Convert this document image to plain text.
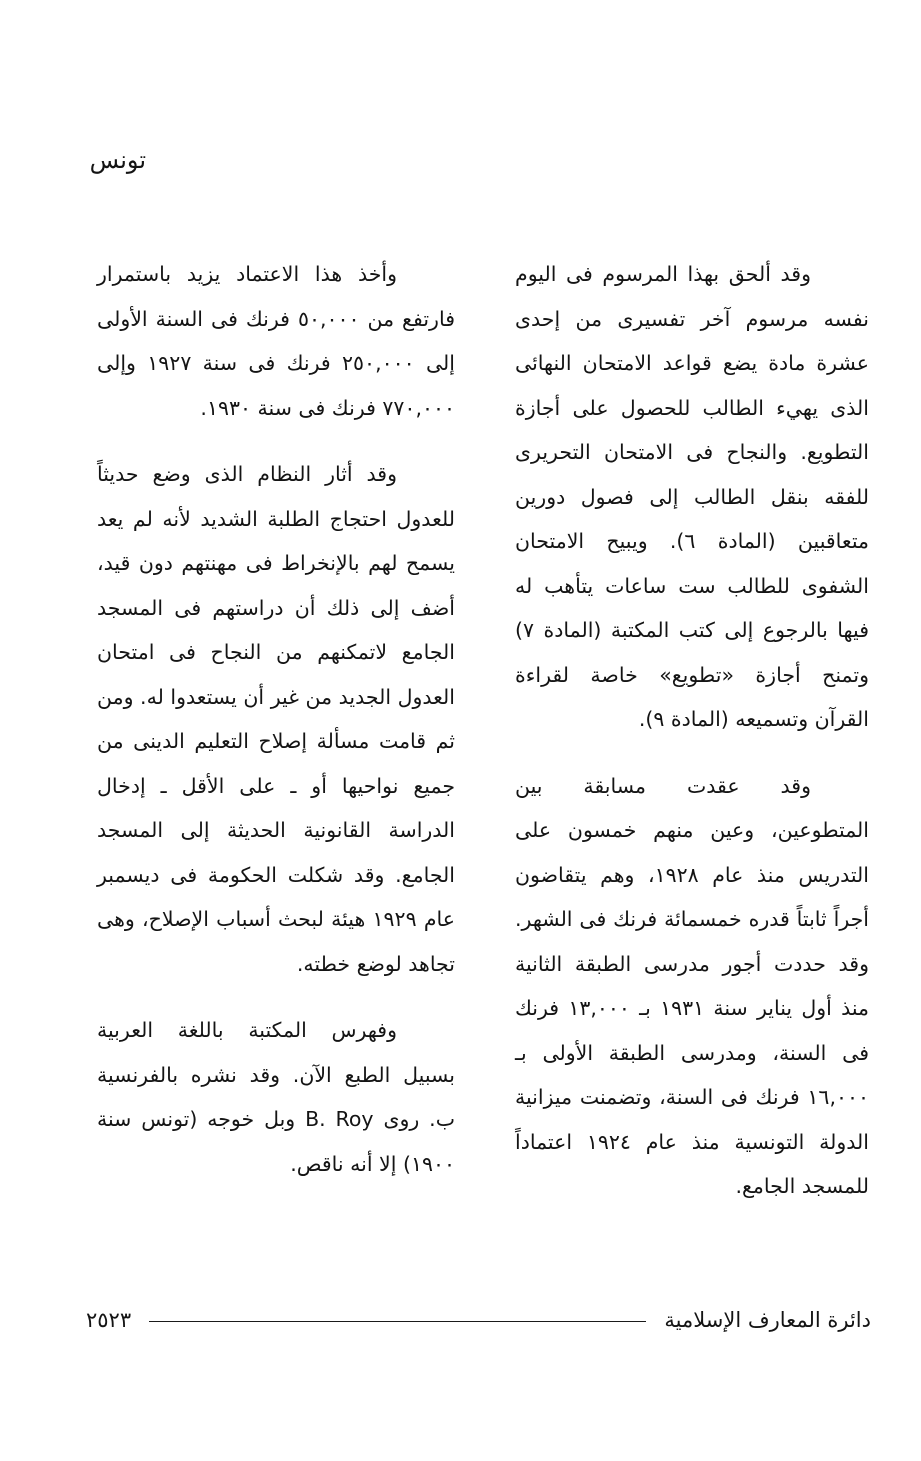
تونس

وقد ألحق بهذا المرسوم فى اليوم نفسه مرسوم آخر تفسيرى من إحدى عشرة مادة يضع قواعد الامتحان النهائى الذى يهيء الطالب للحصول على أجازة التطويع. والنجاح فى الامتحان التحريرى للفقه بنقل الطالب إلى فصول دورين متعاقبين (المادة ٦). ويبيح الامتحان الشفوى للطالب ست ساعات يتأهب له فيها بالرجوع إلى كتب المكتبة (المادة ٧) وتمنح أجازة «تطويع» خاصة لقراءة القرآن وتسميعه (المادة ٩).

وقد عقدت مسابقة بين المتطوعين، وعين منهم خمسون على التدريس منذ عام ١٩٢٨، وهم يتقاضون أجراً ثابتاً قدره خمسمائة فرنك فى الشهر. وقد حددت أجور مدرسى الطبقة الثانية منذ أول يناير سنة ١٩٣١ بـ ١٣,٠٠٠ فرنك فى السنة، ومدرسى الطبقة الأولى بـ ١٦,٠٠٠ فرنك فى السنة، وتضمنت ميزانية الدولة التونسية منذ عام ١٩٢٤ اعتماداً للمسجد الجامع.

وأخذ هذا الاعتماد يزيد باستمرار فارتفع من ٥٠,٠٠٠ فرنك فى السنة الأولى إلى ٢٥٠,٠٠٠ فرنك فى سنة ١٩٢٧ وإلى ٧٧٠,٠٠٠ فرنك فى سنة ١٩٣٠.

وقد أثار النظام الذى وضع حديثاً للعدول احتجاج الطلبة الشديد لأنه لم يعد يسمح لهم بالإنخراط فى مهنتهم دون قيد، أضف إلى ذلك أن دراستهم فى المسجد الجامع لاتمكنهم من النجاح فى امتحان العدول الجديد من غير أن يستعدوا له. ومن ثم قامت مسألة إصلاح التعليم الدينى من جميع نواحيها أو ـ على الأقل ـ إدخال الدراسة القانونية الحديثة إلى المسجد الجامع. وقد شكلت الحكومة فى ديسمبر عام ١٩٢٩ هيئة لبحث أسباب الإصلاح، وهى تجاهد لوضع خطته.

وفهرس المكتبة باللغة العربية بسبيل الطبع الآن. وقد نشره بالفرنسية ب. روى B. Roy وبل خوجه (تونس سنة ١٩٠٠) إلا أنه ناقص.

دائرة المعارف الإسلامية
٢٥٢٣
